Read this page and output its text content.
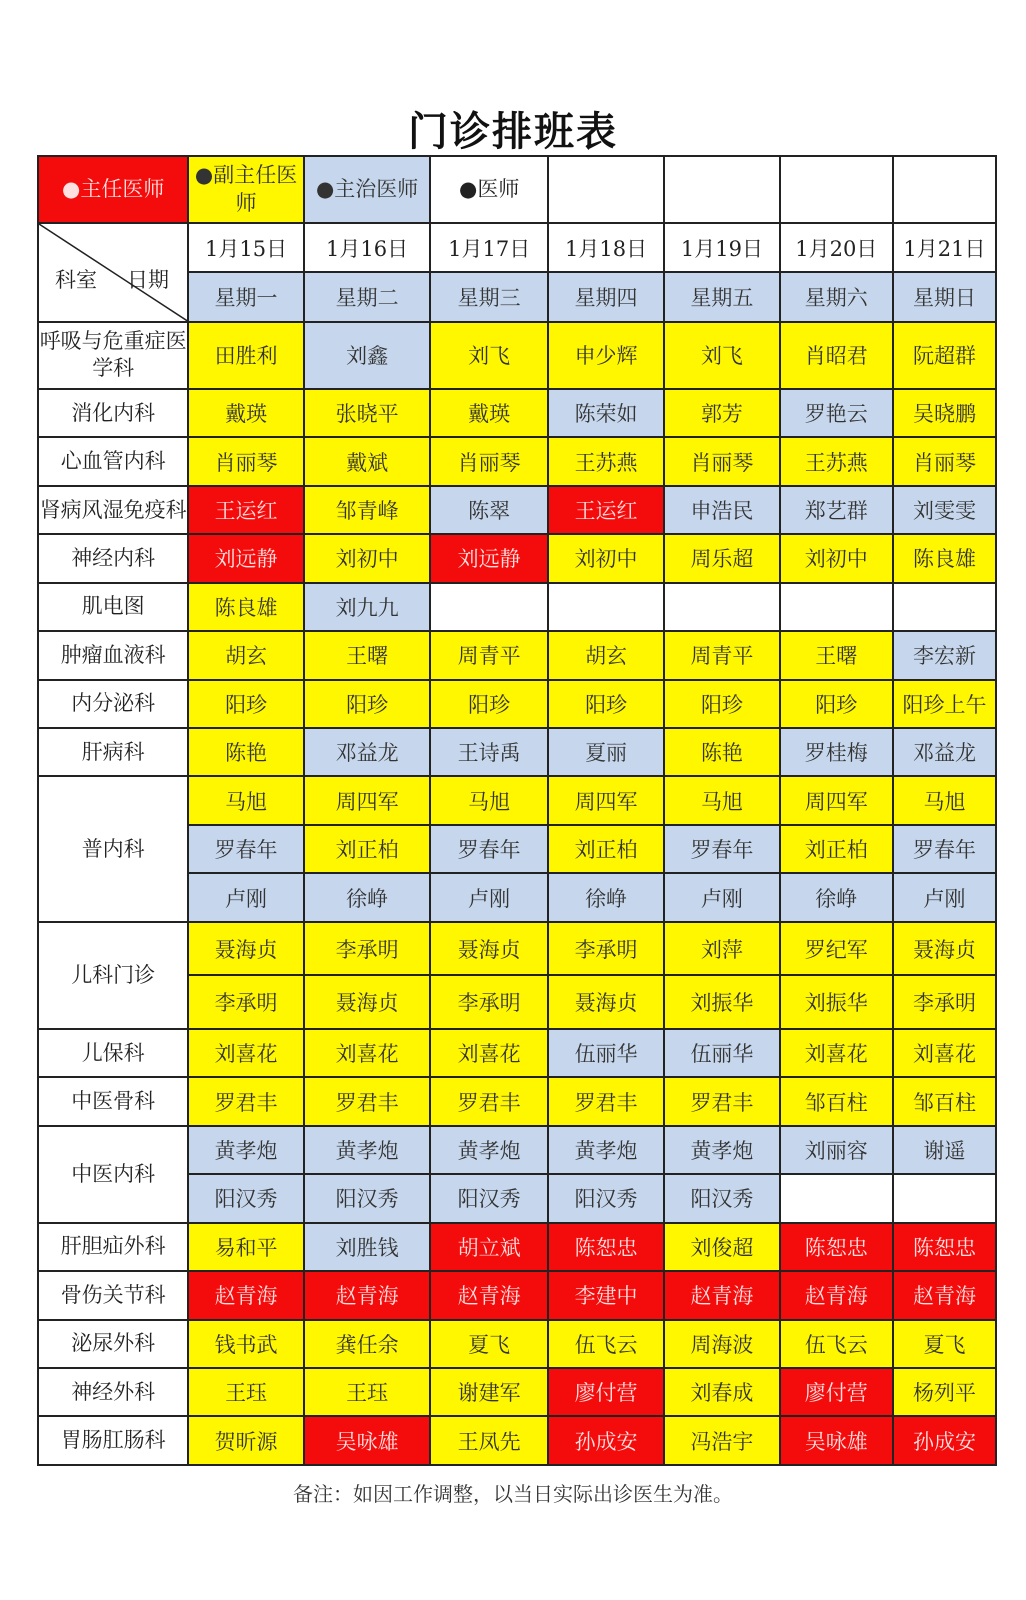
门诊排班表
●主任医师	●副主任医师	●主治医师	●医师				

科室 日期	1月15日	1月16日	1月17日	1月18日	1月19日	1月20日	1月21日
	星期一	星期二	星期三	星期四	星期五	星期六	星期日
呼吸与危重症医学科	田胜利	刘鑫	刘飞	申少辉	刘飞	肖昭君	阮超群
消化内科	戴瑛	张晓平	戴瑛	陈荣如	郭芳	罗艳云	吴晓鹏
心血管内科	肖丽琴	戴斌	肖丽琴	王苏燕	肖丽琴	王苏燕	肖丽琴
肾病风湿免疫科	王运红	邹青峰	陈翠	王运红	申浩民	郑艺群	刘雯雯
神经内科	刘远静	刘初中	刘远静	刘初中	周乐超	刘初中	陈良雄
肌电图	陈良雄	刘九九					
肿瘤血液科	胡玄	王曙	周青平	胡玄	周青平	王曙	李宏新
内分泌科	阳珍	阳珍	阳珍	阳珍	阳珍	阳珍	阳珍上午
肝病科	陈艳	邓益龙	王诗禹	夏丽	陈艳	罗桂梅	邓益龙
普内科	马旭	周四军	马旭	周四军	马旭	周四军	马旭
	罗春年	刘正柏	罗春年	刘正柏	罗春年	刘正柏	罗春年
	卢刚	徐峥	卢刚	徐峥	卢刚	徐峥	卢刚
儿科门诊	聂海贞	李承明	聂海贞	李承明	刘萍	罗纪军	聂海贞
	李承明	聂海贞	李承明	聂海贞	刘振华	刘振华	李承明
儿保科	刘喜花	刘喜花	刘喜花	伍丽华	伍丽华	刘喜花	刘喜花
中医骨科	罗君丰	罗君丰	罗君丰	罗君丰	罗君丰	邹百柱	邹百柱
中医内科	黄孝炮	黄孝炮	黄孝炮	黄孝炮	黄孝炮	刘丽容	谢遥
	阳汉秀	阳汉秀	阳汉秀	阳汉秀	阳汉秀		
肝胆疝外科	易和平	刘胜钱	胡立斌	陈恕忠	刘俊超	陈恕忠	陈恕忠
骨伤关节科	赵青海	赵青海	赵青海	李建中	赵青海	赵青海	赵青海
泌尿外科	钱书武	龚任余	夏飞	伍飞云	周海波	伍飞云	夏飞
神经外科	王珏	王珏	谢建军	廖付营	刘春成	廖付营	杨列平
胃肠肛肠科	贺昕源	吴咏雄	王凤先	孙成安	冯浩宇	吴咏雄	孙成安
备注：如因工作调整，以当日实际出诊医生为准。
